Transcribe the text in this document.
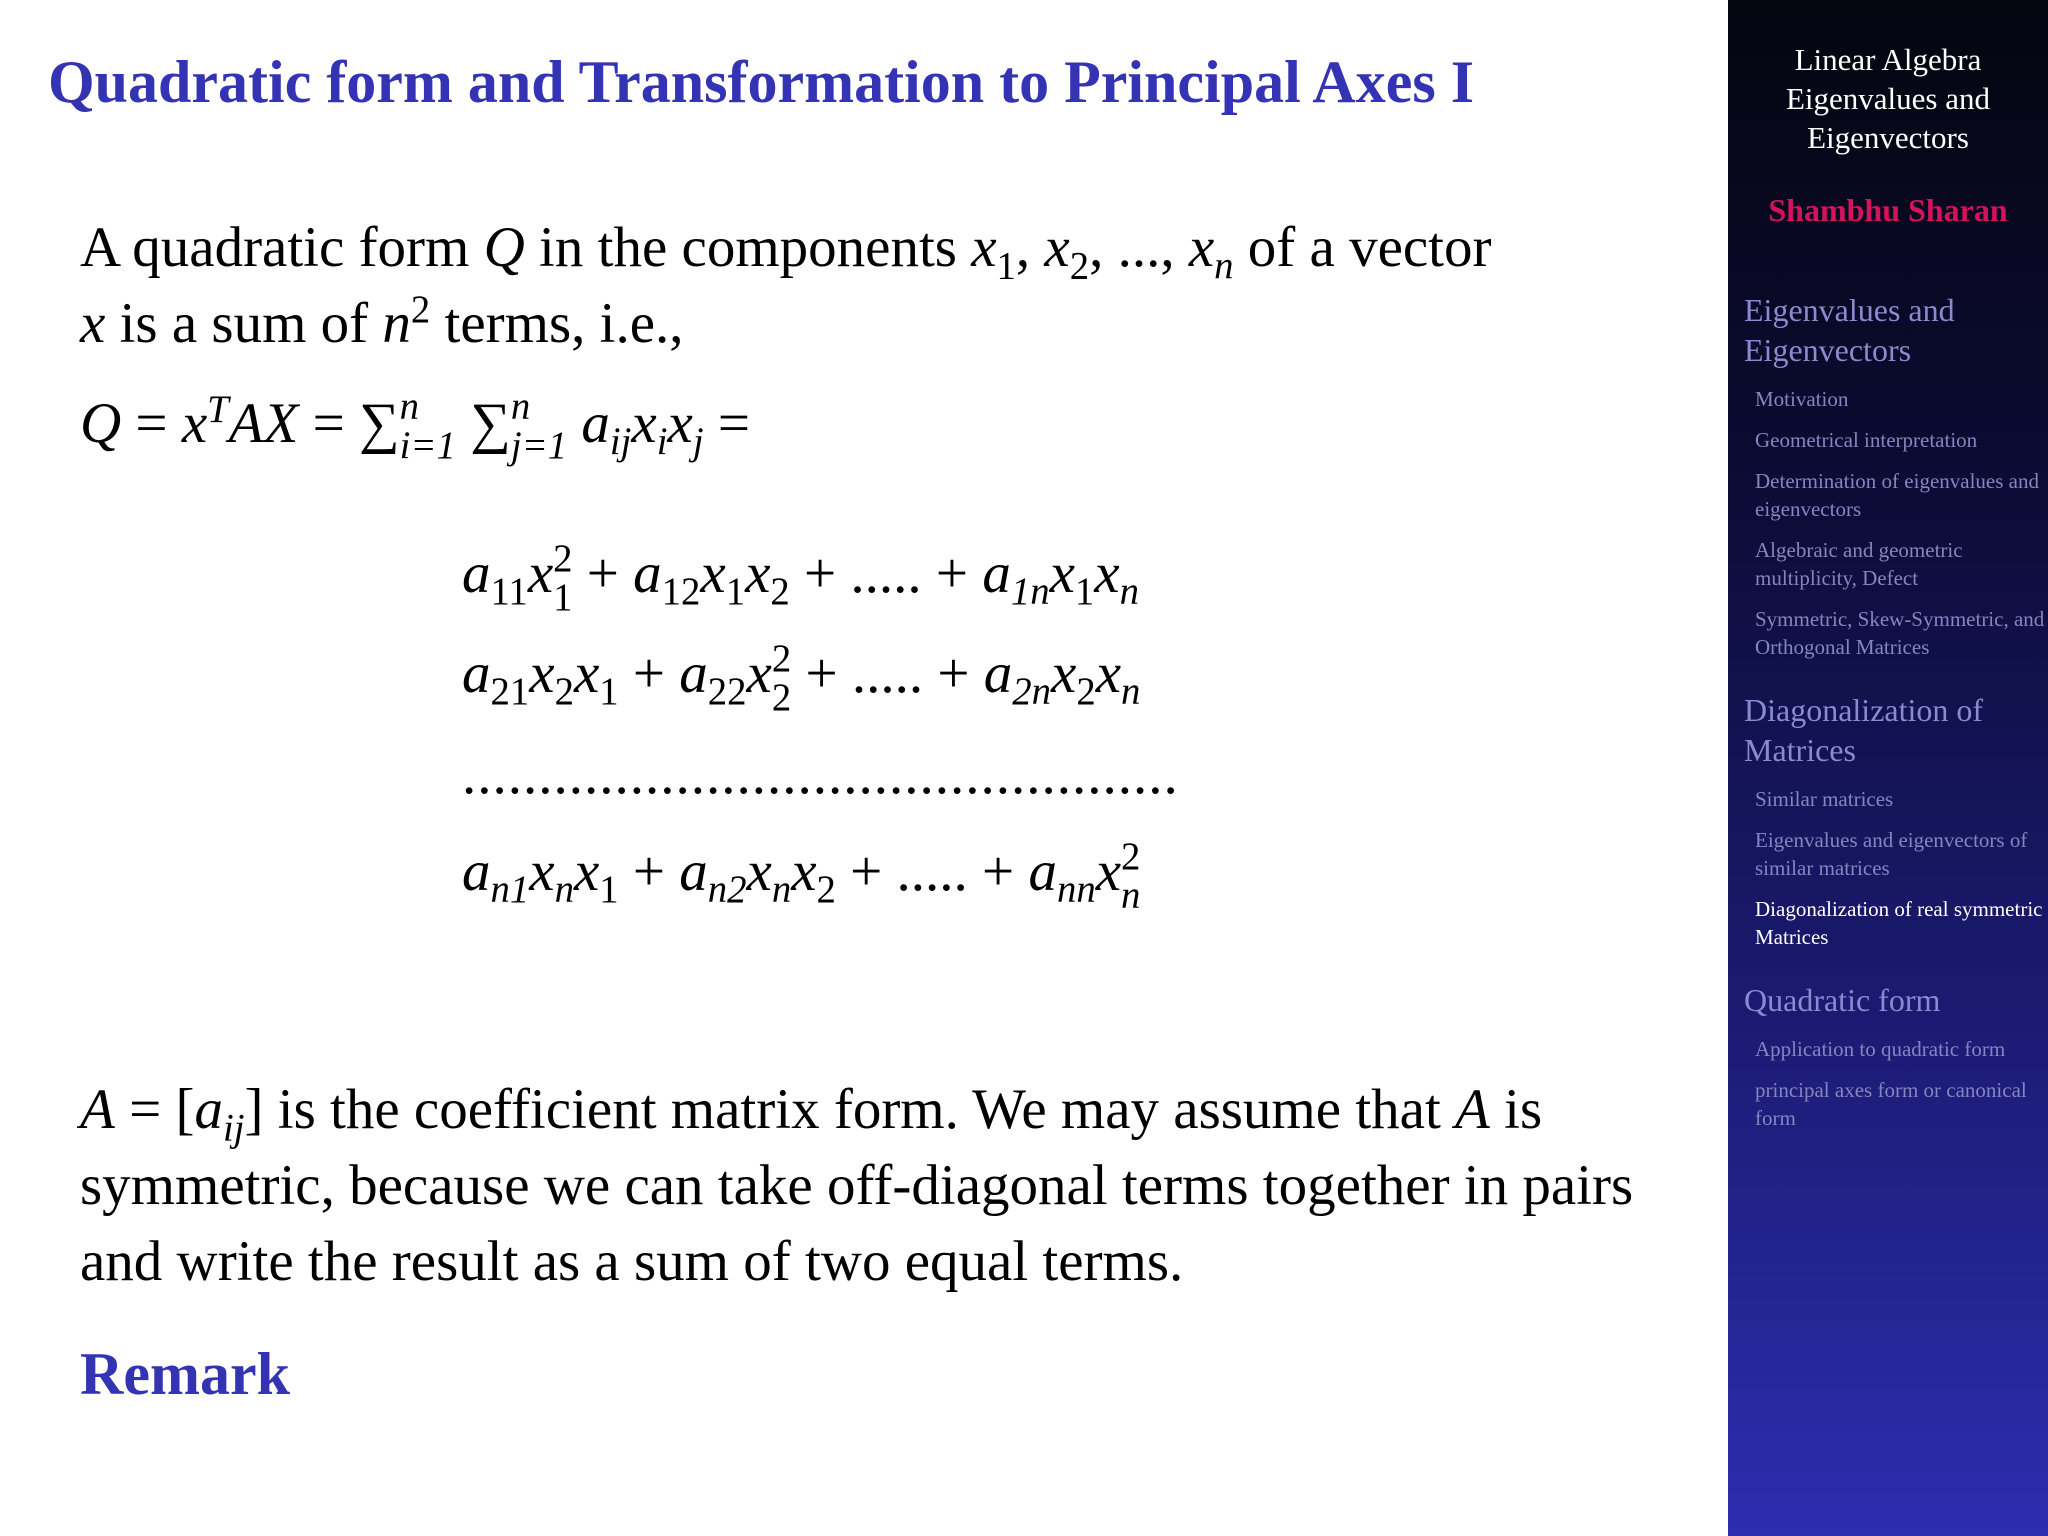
Quadratic form and Transformation to Principal Axes I
A quadratic form Q in the components $x_1$, $x_2$, ..., $x_n$ of a vector
x is a sum of $n^2$ terms, i.e.,
$Q = x^TAX$ = ∑ n
i=1 ∑ n
j=1 $a_{ij}x_ix_j$ =
$a_{11}x$ 2
$1 + a_{12}x_1x_2$ + ..... + $a_{1n}x_1x_n$
$a_{21}x_2x_1 + a_{22}x$ 2
2 + ..... + $a_{2n}x_2x_n$
...............................................
$a_{n1}x_nx_1 + a_{n2}x_nx_2$ + ..... + $a_{nn}x$ 2
n
$A = [a_{ij}]$ is the coefficient matrix form. We may assume that A is symmetric, because we can take off-diagonal terms together in pairs and write the result as a sum of two equal terms.
Remark
Linear Algebra
Eigenvalues and
Eigenvectors
Shambhu Sharan
Eigenvalues and Eigenvectors
Motivation
Geometrical interpretation
Determination of eigenvalues and eigenvectors
Algebraic and geometric multiplicity, Defect
Symmetric, Skew-Symmetric, and Orthogonal Matrices
Diagonalization of Matrices
Similar matrices
Eigenvalues and eigenvectors of similar matrices
Diagonalization of real symmetric Matrices
Quadratic form
Application to quadratic form
principal axes form or canonical form
